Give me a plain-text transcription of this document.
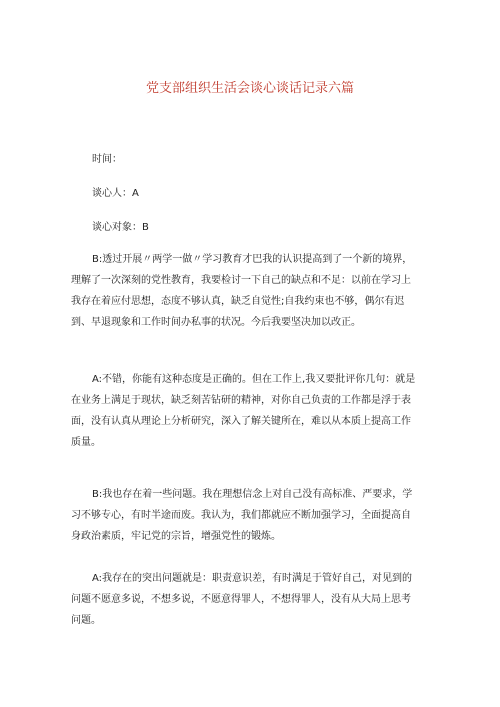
党支部组织生活会谈心谈话记录六篇
时间：
谈心人：A
谈心对象：B
B:透过开展〃两学一做〃学习教育才巴我的认识提高到了一个新的境界，
理解了一次深刻的党性教育，我要检讨一下自己的缺点和不足：以前在学习上
我存在着应付思想，态度不够认真，缺乏自觉性;自我约束也不够，偶尔有迟
到、早退现象和工作时间办私事的状况。今后我要坚决加以改正。
A:不错，你能有这种态度是正确的。但在工作上,我又要批评你几句：就是
在业务上满足于现状，缺乏刻苦钻研的精神，对你自己负责的工作都是浮于表
面，没有认真从理论上分析研究，深入了解关键所在，难以从本质上提高工作
质量。
B:我也存在着一些问题。我在理想信念上对自己没有高标准、严要求，学
习不够专心，有时半途而废。我认为，我们都就应不断加强学习，全面提高自
身政治素质，牢记党的宗旨，增强党性的锻炼。
A:我存在的突出问题就是：职责意识差，有时满足于管好自己，对见到的
问题不愿意多说，不想多说，不愿意得罪人，不想得罪人，没有从大局上思考
问题。
